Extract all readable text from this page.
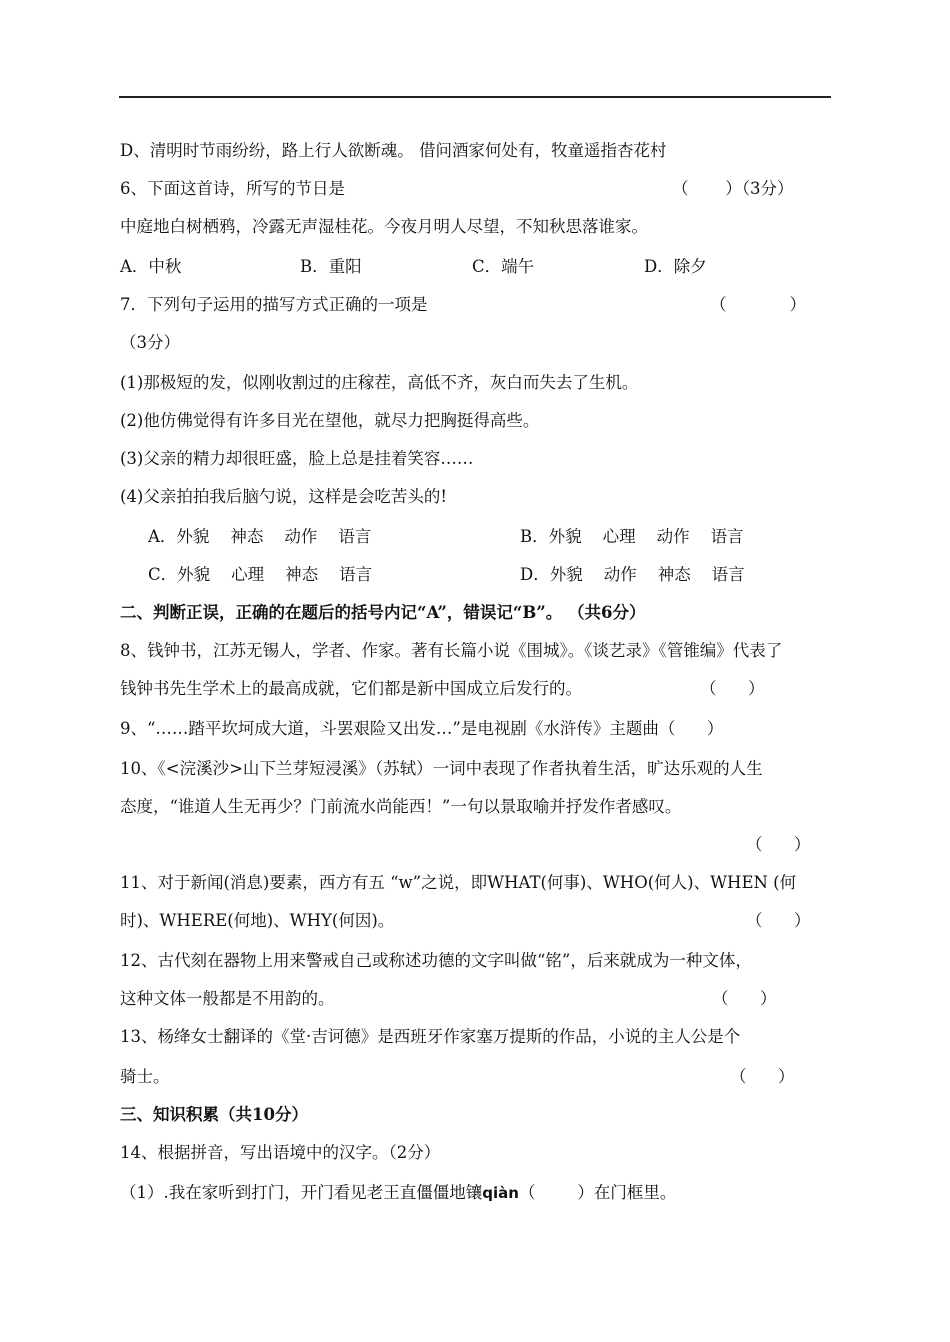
D、清明时节雨纷纷，路上行人欲断魂。 借问酒家何处有，牧童遥指杏花村
6、下面这首诗，所写的节日是	（       ）（3分）
中庭地白树栖鸦，冷露无声湿桂花。今夜月明人尽望，不知秋思落谁家。
A．中秋	B．重阳	C．端午	D．除夕
7．下列句子运用的描写方式正确的一项是	（            ）
（3分）
(1)那极短的发，似刚收割过的庄稼茬，高低不齐，灰白而失去了生机。
(2)他仿佛觉得有许多目光在望他，就尽力把胸挺得高些。
(3)父亲的精力却很旺盛，脸上总是挂着笑容……
(4)父亲拍拍我后脑勺说，这样是会吃苦头的!
A．外貌    神态    动作    语言	B．外貌    心理    动作    语言
C．外貌    心理    神态    语言	D．外貌    动作    神态    语言
二、判断正误，正确的在题后的括号内记“A”，错误记“B”。 （共6分）
8、钱钟书，江苏无锡人，学者、作家。著有长篇小说《围城》。《谈艺录》《管锥编》代表了
钱钟书先生学术上的最高成就，它们都是新中国成立后发行的。	（      ）
9、“……踏平坎坷成大道，斗罢艰险又出发…”是电视剧《水浒传》主题曲（      ）
10、《<浣溪沙>山下兰芽短浸溪》（苏轼）一词中表现了作者执着生活，旷达乐观的人生
态度，“谁道人生无再少？门前流水尚能西！”一句以景取喻并抒发作者感叹。
（      ）
11、对于新闻(消息)要素，西方有五 “w”之说，即WHAT(何事)、WHO(何人)、WHEN (何
时)、WHERE(何地)、WHY(何因)。	（      ）
12、古代刻在器物上用来警戒自己或称述功德的文字叫做“铭”，后来就成为一种文体，
这种文体一般都是不用韵的。	（      ）
13、杨绛女士翻译的《堂·吉诃德》是西班牙作家塞万提斯的作品，小说的主人公是个
骑士。	（      ）
三、知识积累（共10分）
14、根据拼音，写出语境中的汉字。（2分）
（1）.我在家听到打门，开门看见老王直僵僵地镶qiàn（        ）在门框里。
